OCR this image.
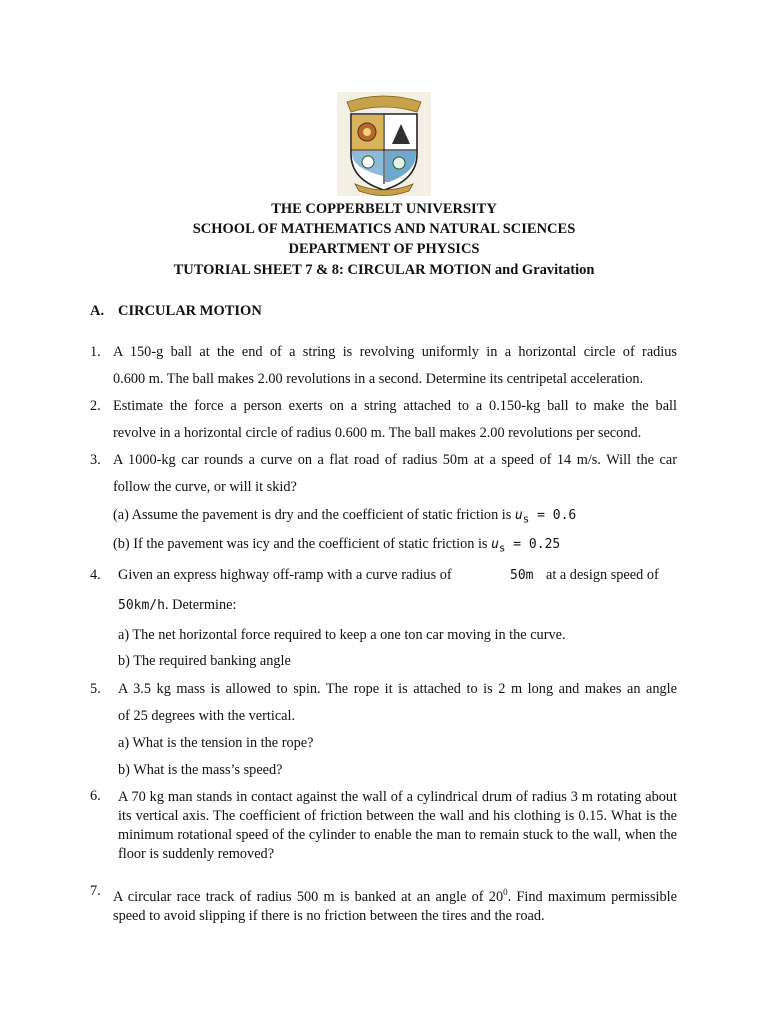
THE COPPERBELT UNIVERSITY
SCHOOL OF MATHEMATICS AND NATURAL SCIENCES
DEPARTMENT OF PHYSICS
TUTORIAL SHEET 7 & 8: CIRCULAR MOTION and Gravitation
A. CIRCULAR MOTION
1. A 150-g ball at the end of a string is revolving uniformly in a horizontal circle of radius
0.600 m. The ball makes 2.00 revolutions in a second. Determine its centripetal acceleration.
2. Estimate the force a person exerts on a string attached to a 0.150-kg ball to make the ball
revolve in a horizontal circle of radius 0.600 m. The ball makes 2.00 revolutions per second.
3. A 1000-kg car rounds a curve on a flat road of radius 50m at a speed of 14 m/s. Will the car
follow the curve, or will it skid?
(a) Assume the pavement is dry and the coefficient of static friction is $u_s = 0.6$
(b) If the pavement was icy and the coefficient of static friction is $u_s = 0.25$
4. Given an express highway off-ramp with a curve radius of	50m at a design speed of
50km/h. Determine:
a) The net horizontal force required to keep a one ton car moving in the curve.
b) The required banking angle
5. A 3.5 kg mass is allowed to spin. The rope it is attached to is 2 m long and makes an angle
of 25 degrees with the vertical.
a) What is the tension in the rope?
b) What is the mass’s speed?
6. A 70 kg man stands in contact against the wall of a cylindrical drum of radius 3 m rotating about its vertical axis. The coefficient of friction between the wall and his clothing is 0.15. What is the minimum rotational speed of the cylinder to enable the man to remain stuck to the wall, when the floor is suddenly removed?
7. A circular race track of radius 500 m is banked at an angle of $20^0$. Find maximum permissible speed to avoid slipping if there is no friction between the tires and the road.
